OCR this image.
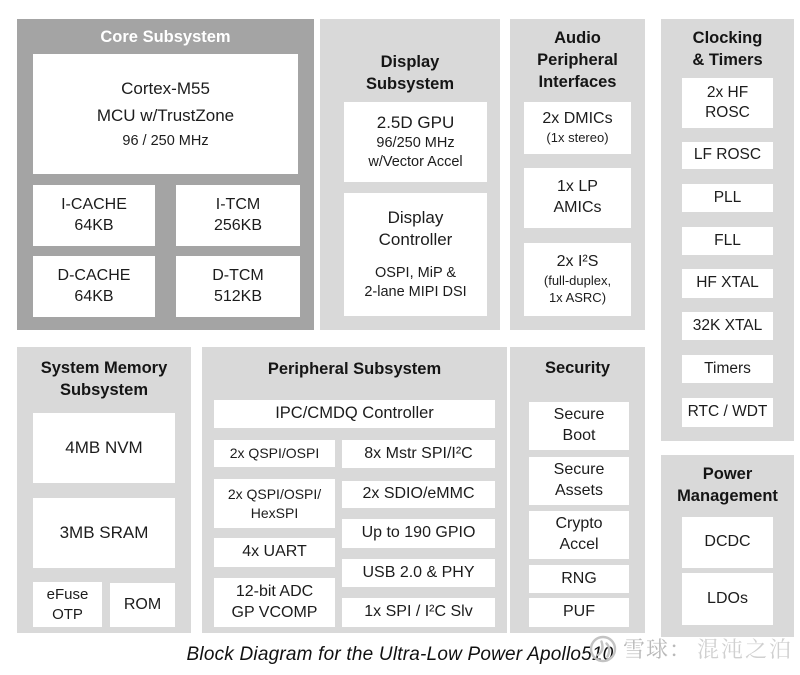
Core Subsystem
Cortex-M55
MCU w/TrustZone
96 / 250 MHz
I-CACHE
64KB
I-TCM
256KB
D-CACHE
64KB
D-TCM
512KB
Display
Subsystem
2.5D GPU
96/250 MHz
w/Vector Accel
Display
Controller
OSPI, MiP &
2-lane MIPI DSI
Audio
Peripheral
Interfaces
2x DMICs
(1x stereo)
1x LP
AMICs
2x I²S
(full-duplex,
1x ASRC)
Clocking
& Timers
2x HF
ROSC
LF ROSC
PLL
FLL
HF XTAL
32K XTAL
Timers
RTC / WDT
System Memory
Subsystem
4MB NVM
3MB SRAM
eFuse
OTP
ROM
Peripheral Subsystem
IPC/CMDQ Controller
2x QSPI/OSPI
2x QSPI/OSPI/
HexSPI
4x UART
12-bit ADC
GP VCOMP
8x Mstr SPI/I²C
2x SDIO/eMMC
Up to 190 GPIO
USB 2.0 & PHY
1x SPI / I²C Slv
Security
Secure
Boot
Secure
Assets
Crypto
Accel
RNG
PUF
Power
Management
DCDC
LDOs
Block Diagram for the Ultra-Low Power Apollo510 雪球： 混沌之泊
